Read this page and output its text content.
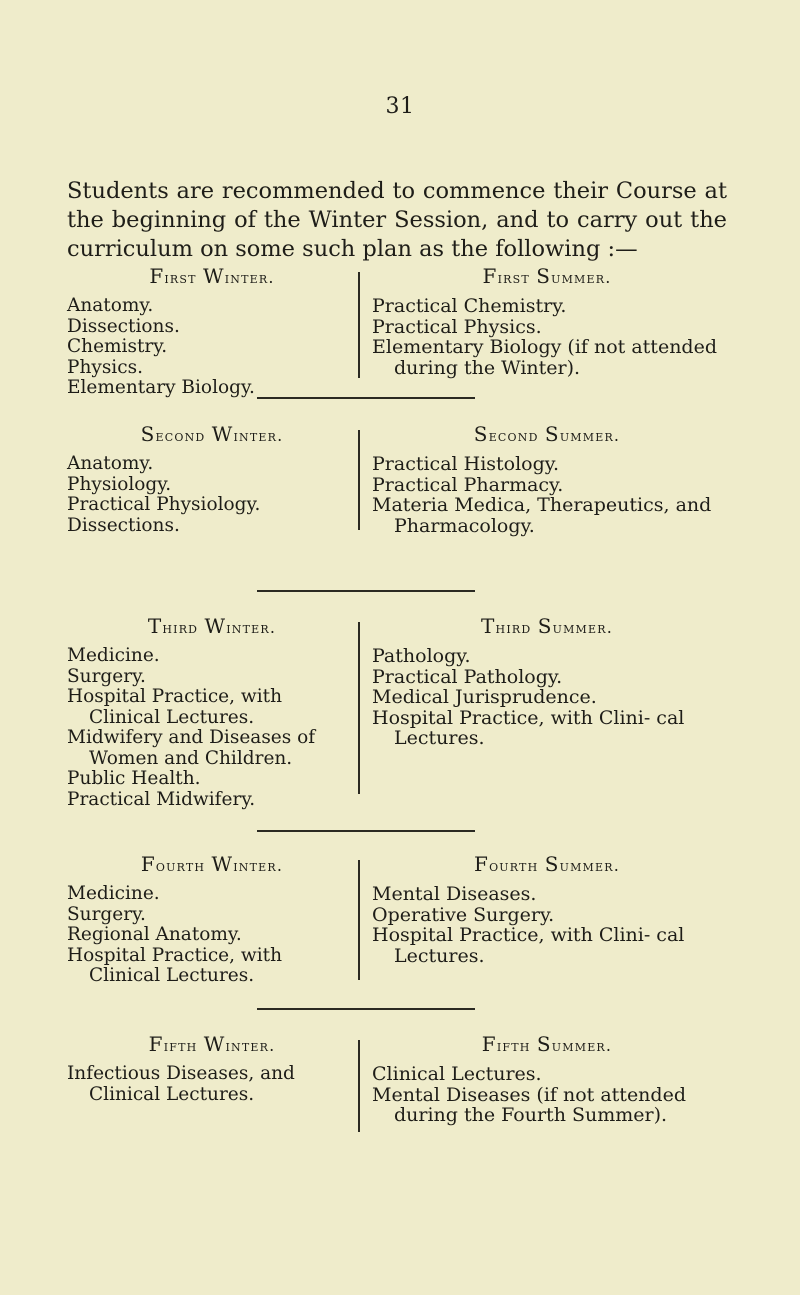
31

Students are recommended to commence their Course at the beginning of the Winter Session, and to carry out the curriculum on some such plan as the following :—

First Winter.
Anatomy.
Dissections.
Chemistry.
Physics.
Elementary Biology.
First Summer.
Practical Chemistry.
Practical Physics.
Elementary Biology (if not attended during the Winter).
Second Winter.
Anatomy.
Physiology.
Practical Physiology.
Dissections.
Second Summer.
Practical Histology.
Practical Pharmacy.
Materia Medica, Therapeutics, and Pharmacology.
Third Winter.
Medicine.
Surgery.
Hospital Practice, with Clinical Lectures.
Midwifery and Diseases of Women and Children.
Public Health.
Practical Midwifery.
Third Summer.
Pathology.
Practical Pathology.
Medical Jurisprudence.
Hospital Practice, with Clini- cal Lectures.
Fourth Winter.
Medicine.
Surgery.
Regional Anatomy.
Hospital Practice, with Clinical Lectures.
Fourth Summer.
Mental Diseases.
Operative Surgery.
Hospital Practice, with Clini- cal Lectures.
Fifth Winter.
Infectious Diseases, and Clinical Lectures.
Fifth Summer.
Clinical Lectures.
Mental Diseases (if not attended during the Fourth Summer).
